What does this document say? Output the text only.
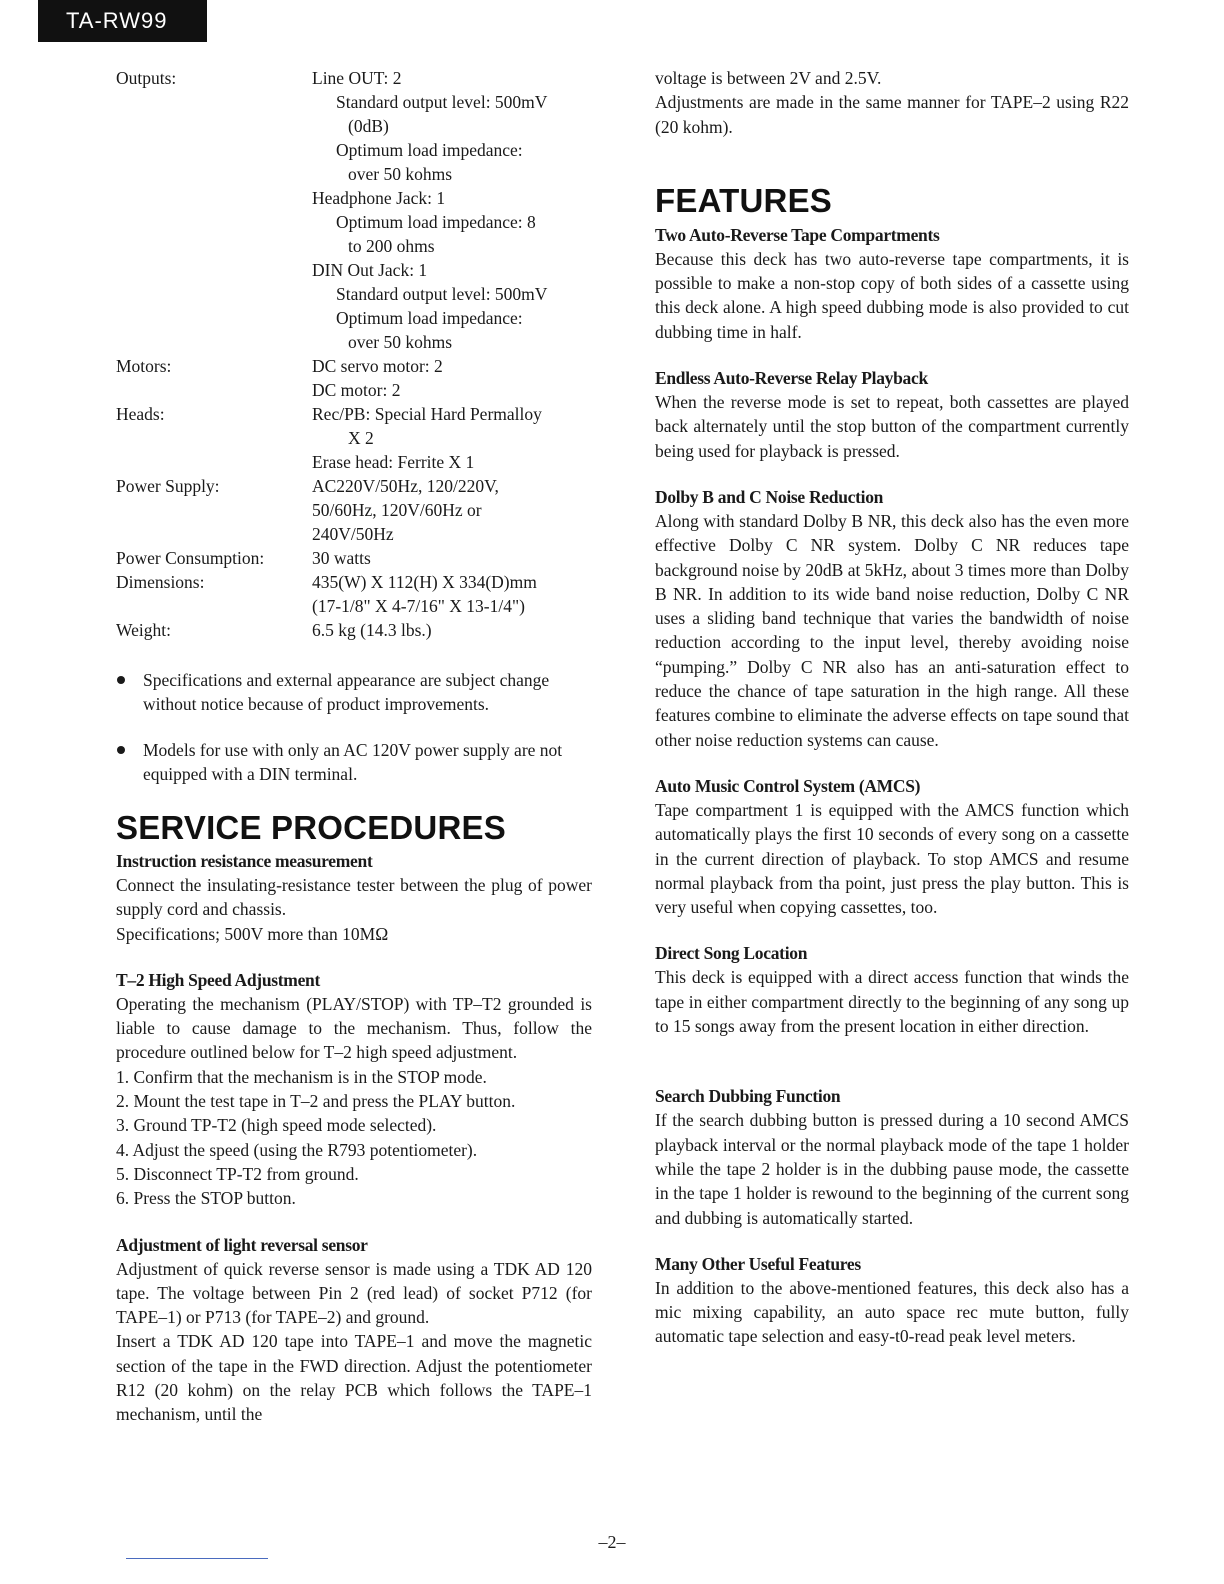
TA-RW99
Outputs:	Line OUT: 2
Standard output level: 500mV
(0dB)
Optimum load impedance:
over 50 kohms
Headphone Jack: 1
Optimum load impedance: 8
to 200 ohms
DIN Out Jack: 1
Standard output level: 500mV
Optimum load impedance:
over 50 kohms
Motors:	DC servo motor: 2
DC motor: 2
Heads:	Rec/PB: Special Hard Permalloy
X 2
Erase head: Ferrite X 1
Power Supply:	AC220V/50Hz, 120/220V,
50/60Hz, 120V/60Hz or
240V/50Hz
Power Consumption:	30 watts
Dimensions:	435(W) X 112(H) X 334(D)mm
(17-1/8" X 4-7/16" X 13-1/4")
Weight:	6.5 kg (14.3 lbs.)
Specifications and external appearance are subject change without notice because of product improvements.
Models for use with only an AC 120V power supply are not equipped with a DIN terminal.
SERVICE PROCEDURES
Instruction resistance measurement

Connect the insulating-resistance tester between the plug of power supply cord and chassis.

Specifications; 500V more than 10MΩ

T–2 High Speed Adjustment

Operating the mechanism (PLAY/STOP) with TP–T2 grounded is liable to cause damage to the mechanism. Thus, follow the procedure outlined below for T–2 high speed adjustment.

1. Confirm that the mechanism is in the STOP mode.
2. Mount the test tape in T–2 and press the PLAY button.
3. Ground TP-T2 (high speed mode selected).
4. Adjust the speed (using the R793 potentiometer).
5. Disconnect TP-T2 from ground.
6. Press the STOP button.
Adjustment of light reversal sensor

Adjustment of quick reverse sensor is made using a TDK AD 120 tape. The voltage between Pin 2 (red lead) of socket P712 (for TAPE–1) or P713 (for TAPE–2) and ground.

Insert a TDK AD 120 tape into TAPE–1 and move the magnetic section of the tape in the FWD direction. Adjust the potentiometer R12 (20 kohm) on the relay PCB which follows the TAPE–1 mechanism, until the

voltage is between 2V and 2.5V.

Adjustments are made in the same manner for TAPE–2 using R22 (20 kohm).

FEATURES
Two Auto-Reverse Tape Compartments

Because this deck has two auto-reverse tape compartments, it is possible to make a non-stop copy of both sides of a cassette using this deck alone. A high speed dubbing mode is also provided to cut dubbing time in half.

Endless Auto-Reverse Relay Playback

When the reverse mode is set to repeat, both cassettes are played back alternately until the stop button of the compartment currently being used for playback is pressed.

Dolby B and C Noise Reduction

Along with standard Dolby B NR, this deck also has the even more effective Dolby C NR system. Dolby C NR reduces tape background noise by 20dB at 5kHz, about 3 times more than Dolby B NR. In addition to its wide band noise reduction, Dolby C NR uses a sliding band technique that varies the bandwidth of noise reduction according to the input level, thereby avoiding noise “pumping.” Dolby C NR also has an anti-saturation effect to reduce the chance of tape saturation in the high range. All these features combine to eliminate the adverse effects on tape sound that other noise reduction systems can cause.

Auto Music Control System (AMCS)

Tape compartment 1 is equipped with the AMCS function which automatically plays the first 10 seconds of every song on a cassette in the current direction of playback. To stop AMCS and resume normal playback from tha point, just press the play button. This is very useful when copying cassettes, too.

Direct Song Location

This deck is equipped with a direct access function that winds the tape in either compartment directly to the beginning of any song up to 15 songs away from the present location in either direction.

Search Dubbing Function

If the search dubbing button is pressed during a 10 second AMCS playback interval or the normal playback mode of the tape 1 holder while the tape 2 holder is in the dubbing pause mode, the cassette in the tape 1 holder is rewound to the beginning of the current song and dubbing is automatically started.

Many Other Useful Features

In addition to the above-mentioned features, this deck also has a mic mixing capability, an auto space rec mute button, fully automatic tape selection and easy-t0-read peak level meters.

–2–
